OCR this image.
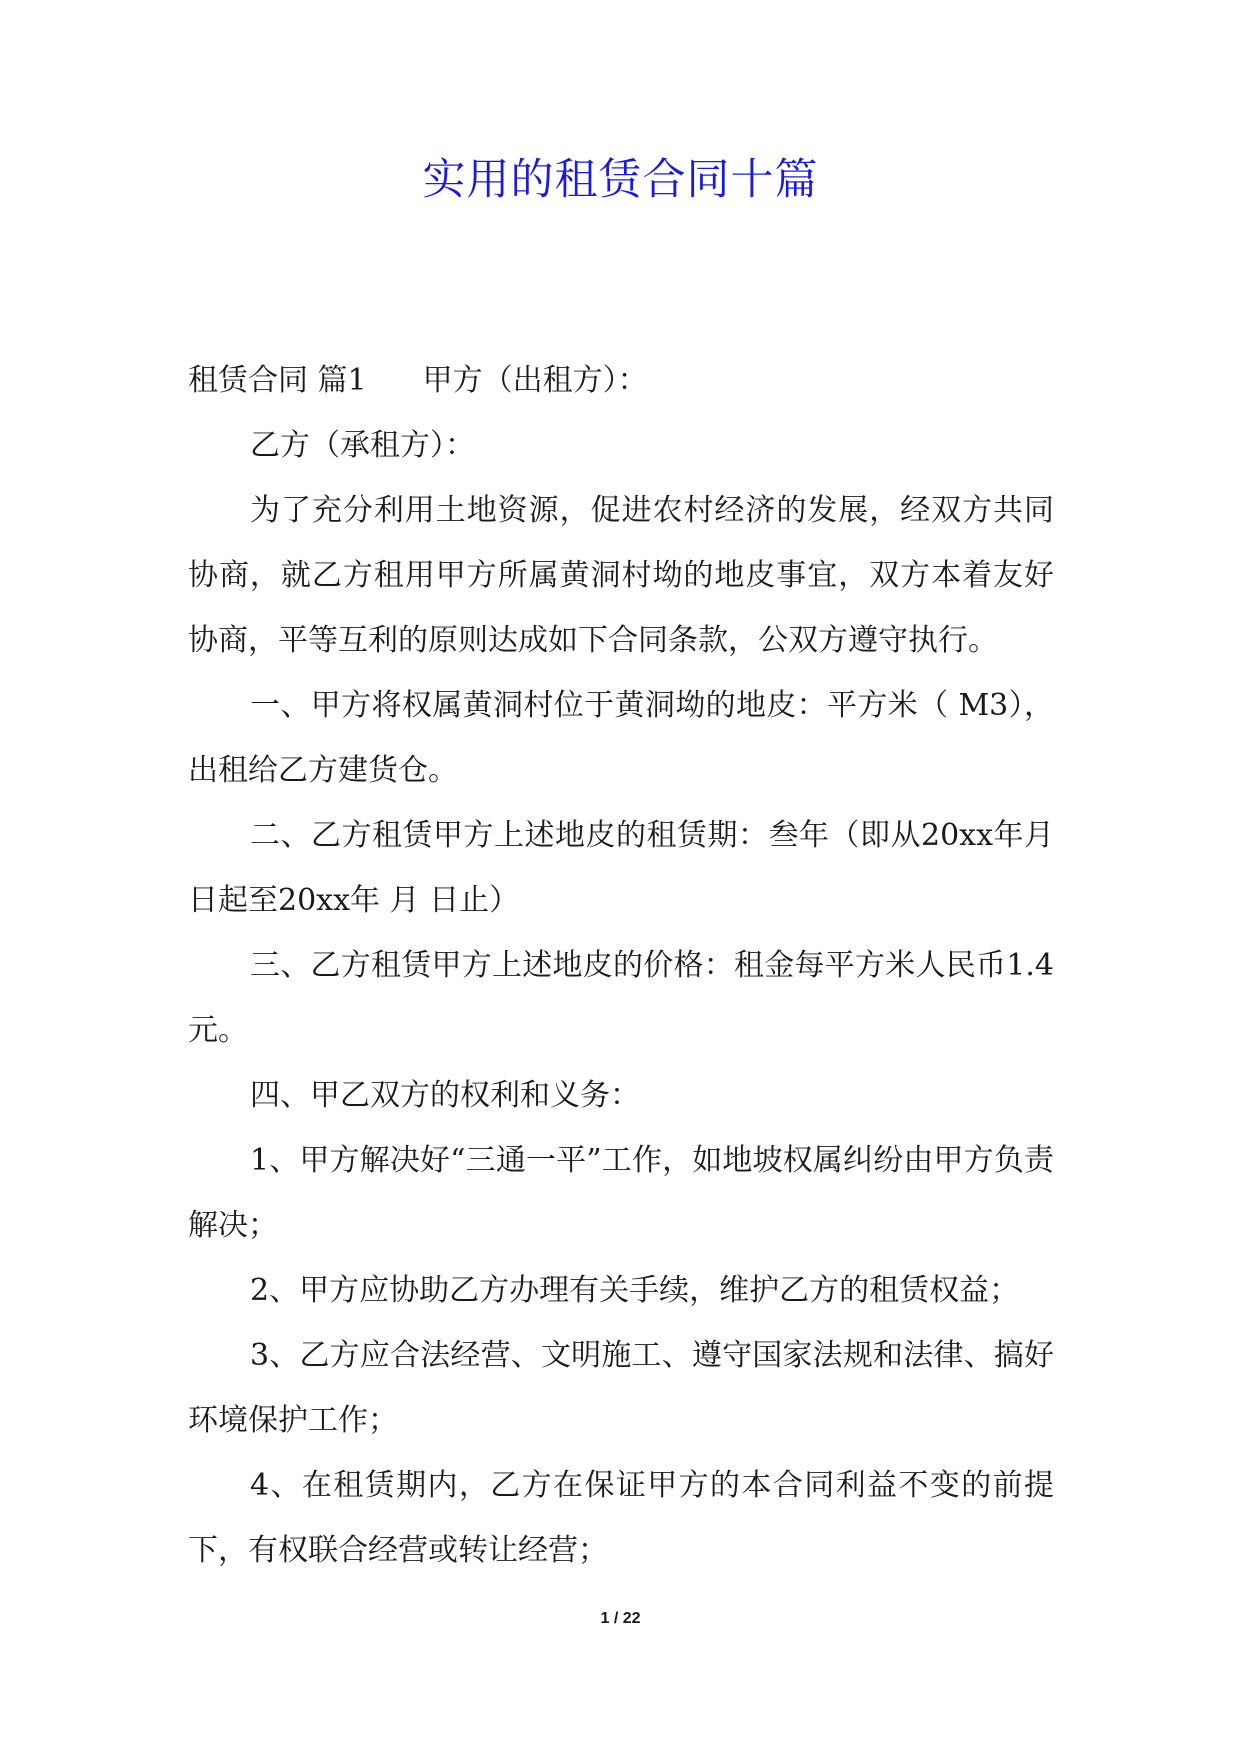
实用的租赁合同十篇

租赁合同 篇1 甲方（出租方）：

乙方（承租方）：

为了充分利用土地资源，促进农村经济的发展，经双方共同协商，就乙方租用甲方所属黄洞村坳的地皮事宜，双方本着友好协商，平等互利的原则达成如下合同条款，公双方遵守执行。

一、甲方将权属黄洞村位于黄洞坳的地皮：平方米（ M3），出租给乙方建货仓。

二、乙方租赁甲方上述地皮的租赁期：叁年（即从20xx年月日起至20xx年 月 日止）

三、乙方租赁甲方上述地皮的价格：租金每平方米人民币1.4元。

四、甲乙双方的权利和义务：

1、甲方解决好“三通一平”工作，如地坡权属纠纷由甲方负责解决；

2、甲方应协助乙方办理有关手续，维护乙方的租赁权益；

3、乙方应合法经营、文明施工、遵守国家法规和法律、搞好环境保护工作；

4、在租赁期内，乙方在保证甲方的本合同利益不变的前提下，有权联合经营或转让经营；

1 / 22
